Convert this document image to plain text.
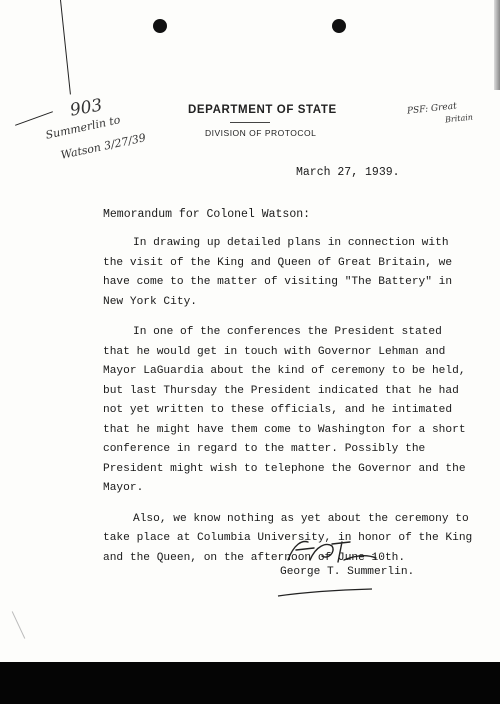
903
Summerlin to
Watson 3/27/39
PSF: Great
Britain
DEPARTMENT OF STATE
DIVISION OF PROTOCOL
March 27, 1939.
Memorandum for Colonel Watson:

In drawing up detailed plans in connection with the visit of the King and Queen of Great Britain, we have come to the matter of visiting "The Battery" in New York City.

In one of the conferences the President stated that he would get in touch with Governor Lehman and Mayor LaGuardia about the kind of ceremony to be held, but last Thursday the President indicated that he had not yet written to these officials, and he intimated that he might have them come to Washington for a short conference in regard to the matter. Possibly the President might wish to telephone the Governor and the Mayor.

Also, we know nothing as yet about the ceremony to take place at Columbia University, in honor of the King and the Queen, on the afternoon of June 10th.

George T. Summerlin.
